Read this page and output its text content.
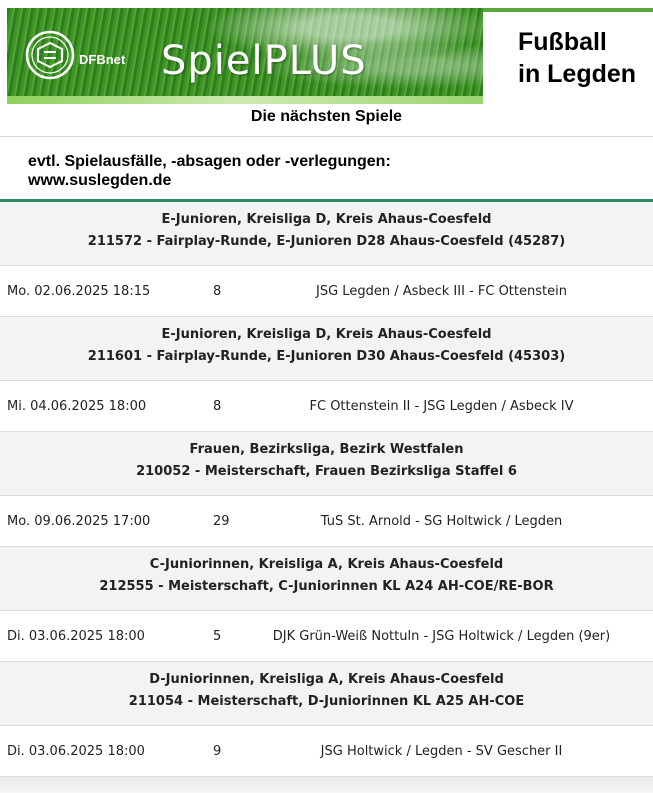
DFBnet SpielPLUS	Fußball
in Legden
Die nächsten Spiele
evtl. Spielausfälle, -absagen oder -verlegungen:
www.suslegden.de
E-Junioren, Kreisliga D, Kreis Ahaus-Coesfeld
211572 - Fairplay-Runde, E-Junioren D28 Ahaus-Coesfeld (45287)
Mo. 02.06.2025 18:15	8	JSG Legden / Asbeck III - FC Ottenstein
E-Junioren, Kreisliga D, Kreis Ahaus-Coesfeld
211601 - Fairplay-Runde, E-Junioren D30 Ahaus-Coesfeld (45303)
Mi. 04.06.2025 18:00	8	FC Ottenstein II - JSG Legden / Asbeck IV
Frauen, Bezirksliga, Bezirk Westfalen
210052 - Meisterschaft, Frauen Bezirksliga Staffel 6
Mo. 09.06.2025 17:00	29	TuS St. Arnold - SG Holtwick / Legden
C-Juniorinnen, Kreisliga A, Kreis Ahaus-Coesfeld
212555 - Meisterschaft, C-Juniorinnen KL A24 AH-COE/RE-BOR
Di. 03.06.2025 18:00	5	DJK Grün-Weiß Nottuln - JSG Holtwick / Legden (9er)
D-Juniorinnen, Kreisliga A, Kreis Ahaus-Coesfeld
211054 - Meisterschaft, D-Juniorinnen KL A25 AH-COE
Di. 03.06.2025 18:00	9	JSG Holtwick / Legden - SV Gescher II
